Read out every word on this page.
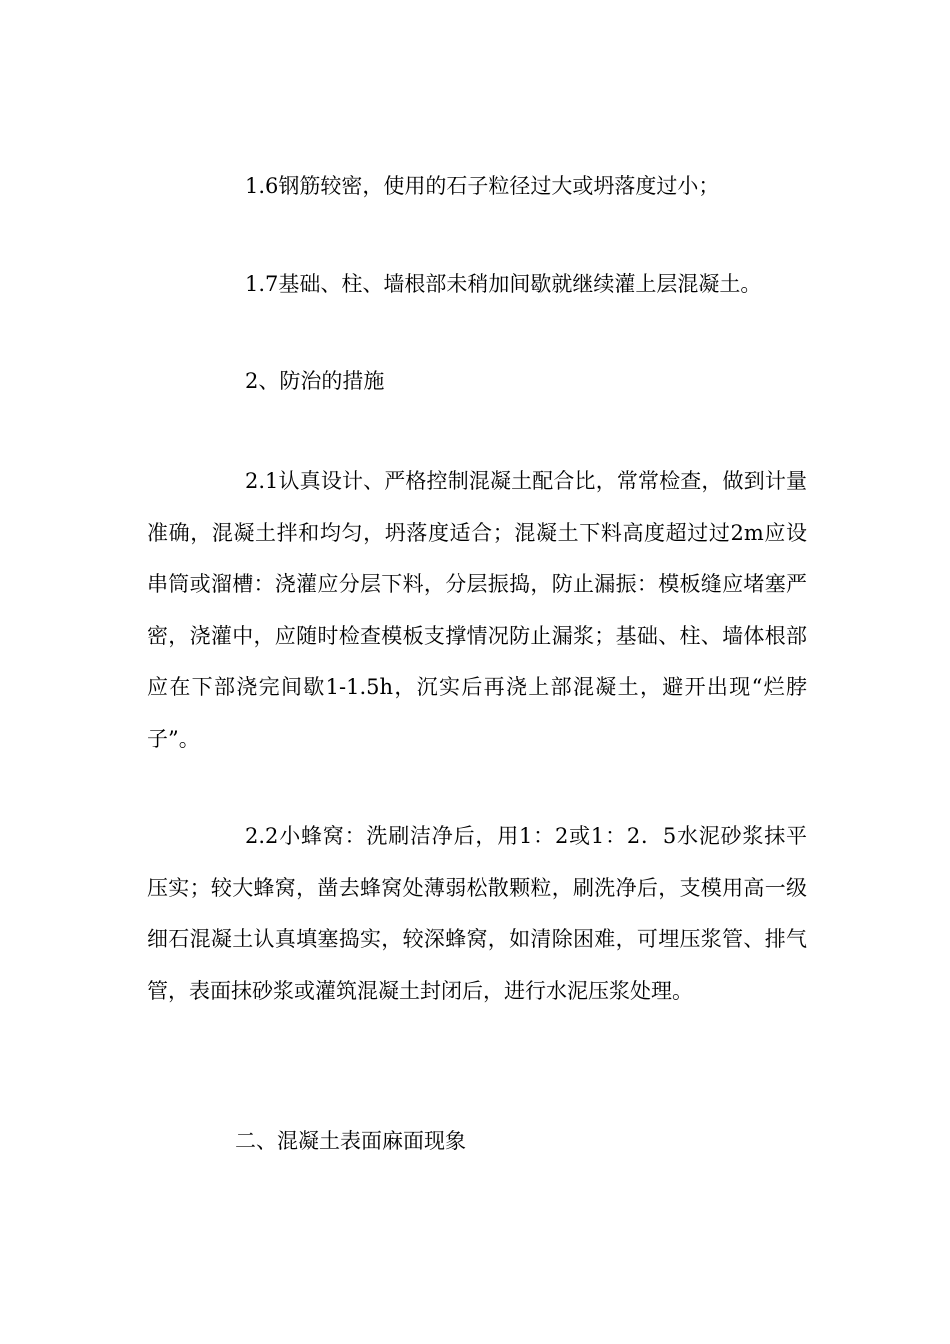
1.6钢筋较密，使用的石子粒径过大或坍落度过小；

1.7基础、柱、墙根部未稍加间歇就继续灌上层混凝土。

2、防治的措施

2.1认真设计、严格控制混凝土配合比，常常检查，做到计量准确，混凝土拌和均匀，坍落度适合；混凝土下料高度超过过2m应设串筒或溜槽：浇灌应分层下料，分层振捣，防止漏振：模板缝应堵塞严密，浇灌中，应随时检查模板支撑情况防止漏浆；基础、柱、墙体根部应在下部浇完间歇1-1.5h，沉实后再浇上部混凝土，避开出现“烂脖子”。

2.2小蜂窝：洗刷洁净后，用1：2或1：2．5水泥砂浆抹平压实；较大蜂窝，凿去蜂窝处薄弱松散颗粒，刷洗净后，支模用高一级细石混凝土认真填塞捣实，较深蜂窝，如清除困难，可埋压浆管、排气管，表面抹砂浆或灌筑混凝土封闭后，进行水泥压浆处理。

二、混凝土表面麻面现象
